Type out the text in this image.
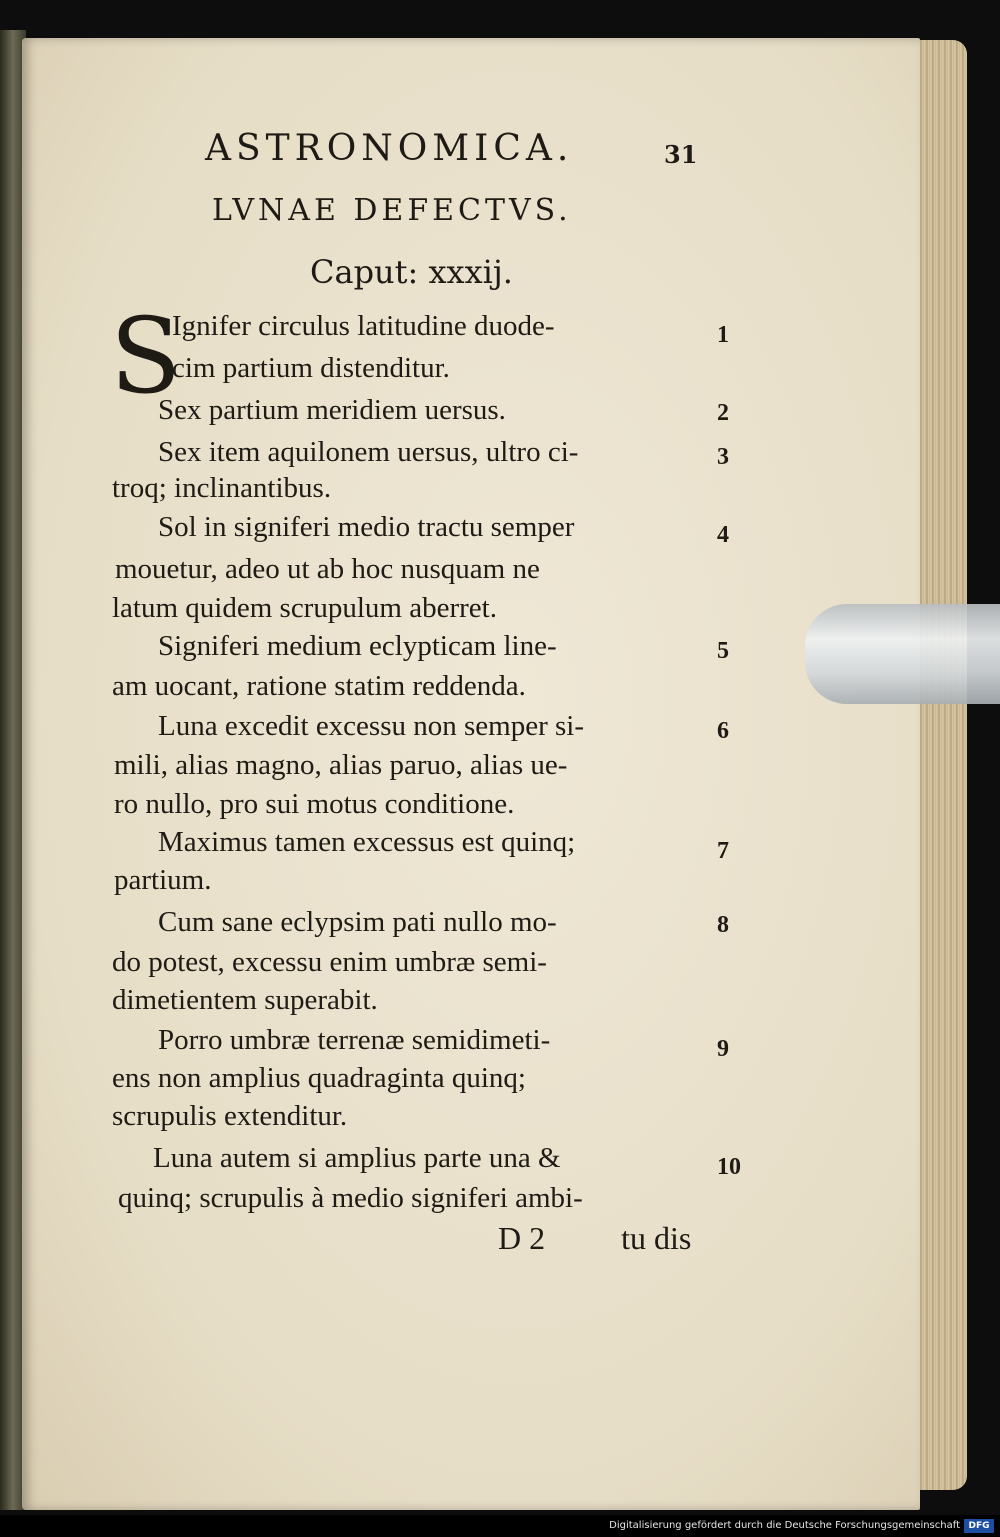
ASTRONOMICA.	31
LVNAE DEFECTVS.
Caput: xxxij.
S
Ignifer circulus latitudine duode-
cim partium distenditur.
Sex partium meridiem uersus.
Sex item aquilonem uersus, ultro ci-
troq; inclinantibus.
Sol in signiferi medio tractu semper
mouetur, adeo ut ab hoc nusquam ne
latum quidem scrupulum aberret.
Signiferi medium eclypticam line-
am uocant, ratione statim reddenda.
Luna excedit excessu non semper si-
mili, alias magno, alias paruo, alias ue-
ro nullo, pro sui motus conditione.
Maximus tamen excessus est quinq;
partium.
Cum sane eclypsim pati nullo mo-
do potest, excessu enim umbræ semi-
dimetientem superabit.
Porro umbræ terrenæ semidimeti-
ens non amplius quadraginta quinq;
scrupulis extenditur.
Luna autem si amplius parte una &
quinq; scrupulis à medio signiferi ambi-
1
2
3
4
5
6
7
8
9
10
D 2 tu dis
Digitalisierung gefördert durch die Deutsche Forschungsgemeinschaft DFG
